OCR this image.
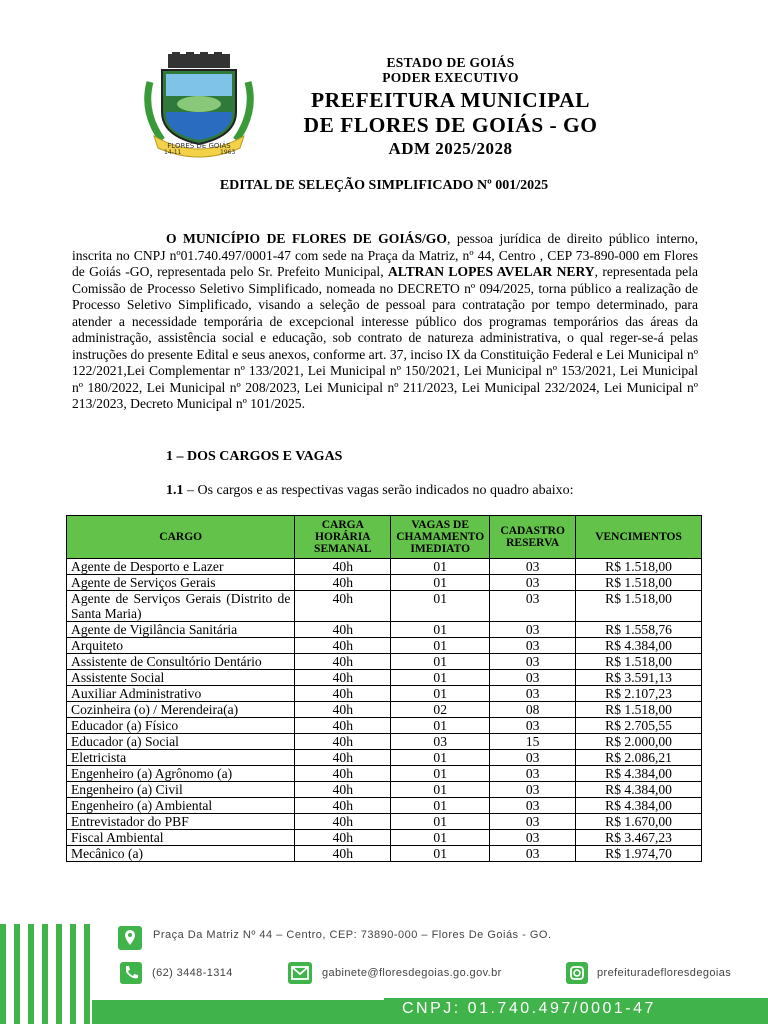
FLORES DE GOIÁS
14-11	1963
ESTADO DE GOIÁS
PODER EXECUTIVO
PREFEITURA MUNICIPAL
DE FLORES DE GOIÁS - GO
ADM 2025/2028
EDITAL DE SELEÇÃO SIMPLIFICADO Nº 001/2025
O MUNICÍPIO DE FLORES DE GOIÁS/GO, pessoa jurídica de direito público interno, inscrita no CNPJ nº01.740.497/0001-47 com sede na Praça da Matriz, nº 44, Centro , CEP 73-890-000 em Flores de Goiás -GO, representada pelo Sr. Prefeito Municipal, ALTRAN LOPES AVELAR NERY, representada pela Comissão de Processo Seletivo Simplificado, nomeada no DECRETO nº 094/2025, torna público a realização de Processo Seletivo Simplificado, visando a seleção de pessoal para contratação por tempo determinado, para atender a necessidade temporária de excepcional interesse público dos programas temporários das áreas da administração, assistência social e educação, sob contrato de natureza administrativa, o qual reger-se-á pelas instruções do presente Edital e seus anexos, conforme art. 37, inciso IX da Constituição Federal e Lei Municipal nº 122/2021,Lei Complementar nº 133/2021, Lei Municipal nº 150/2021, Lei Municipal nº 153/2021, Lei Municipal nº 180/2022, Lei Municipal nº 208/2023, Lei Municipal nº 211/2023, Lei Municipal 232/2024, Lei Municipal nº 213/2023, Decreto Municipal nº 101/2025.
1 – DOS CARGOS E VAGAS
1.1 – Os cargos e as respectivas vagas serão indicados no quadro abaixo:
CARGO	CARGA HORÁRIA SEMANAL	VAGAS DE CHAMAMENTO IMEDIATO	CADASTRO RESERVA	VENCIMENTOS
Agente de Desporto e Lazer	40h	01	03	R$ 1.518,00
Agente de Serviços Gerais	40h	01	03	R$ 1.518,00
Agente de Serviços Gerais (Distrito de Santa Maria)	40h	01	03	R$ 1.518,00
Agente de Vigilância Sanitária	40h	01	03	R$ 1.558,76
Arquiteto	40h	01	03	R$ 4.384,00
Assistente de Consultório Dentário	40h	01	03	R$ 1.518,00
Assistente Social	40h	01	03	R$ 3.591,13
Auxiliar Administrativo	40h	01	03	R$ 2.107,23
Cozinheira (o) / Merendeira(a)	40h	02	08	R$ 1.518,00
Educador (a) Físico	40h	01	03	R$ 2.705,55
Educador (a) Social	40h	03	15	R$ 2.000,00
Eletricista	40h	01	03	R$ 2.086,21
Engenheiro (a) Agrônomo (a)	40h	01	03	R$ 4.384,00
Engenheiro (a) Civil	40h	01	03	R$ 4.384,00
Engenheiro (a) Ambiental	40h	01	03	R$ 4.384,00
Entrevistador do PBF	40h	01	03	R$ 1.670,00
Fiscal Ambiental	40h	01	03	R$ 3.467,23
Mecânico (a)	40h	01	03	R$ 1.974,70
Praça Da Matriz Nº 44 – Centro, CEP: 73890-000 – Flores De Goiás - GO.
(62) 3448-1314	gabinete@floresdegoias.go.gov.br	prefeituradefloresdegoias
CNPJ: 01.740.497/0001-47
